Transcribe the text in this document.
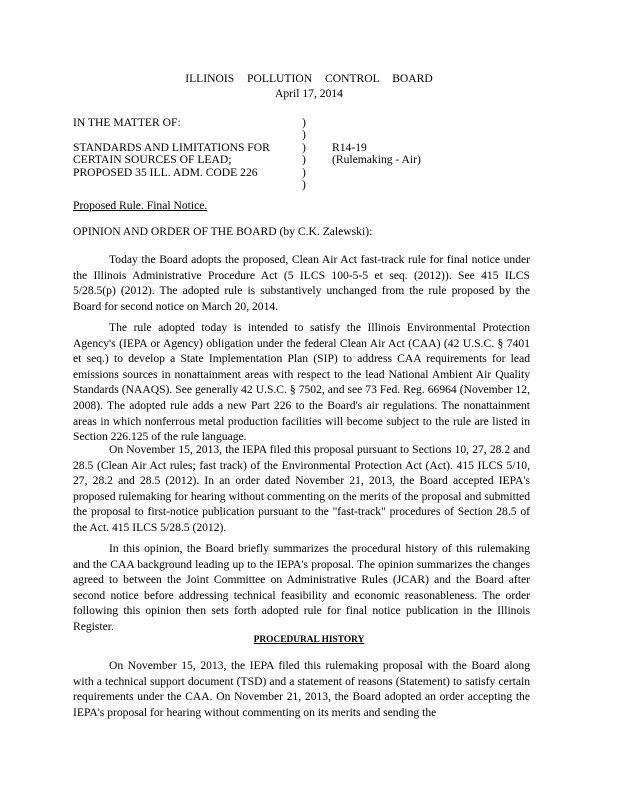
ILLINOIS POLLUTION CONTROL BOARD
April 17, 2014
IN THE MATTER OF:	)
)
STANDARDS AND LIMITATIONS FOR	) R14-19
CERTAIN SOURCES OF LEAD;	) (Rulemaking - Air)
PROPOSED 35 ILL. ADM. CODE 226	)
)
Proposed Rule. Final Notice.
OPINION AND ORDER OF THE BOARD (by C.K. Zalewski):
Today the Board adopts the proposed, Clean Air Act fast-track rule for final notice under the Illinois Administrative Procedure Act (5 ILCS 100-5-5 et seq. (2012)). See 415 ILCS 5/28.5(p) (2012). The adopted rule is substantively unchanged from the rule proposed by the Board for second notice on March 20, 2014.
The rule adopted today is intended to satisfy the Illinois Environmental Protection Agency's (IEPA or Agency) obligation under the federal Clean Air Act (CAA) (42 U.S.C. § 7401 et seq.) to develop a State Implementation Plan (SIP) to address CAA requirements for lead emissions sources in nonattainment areas with respect to the lead National Ambient Air Quality Standards (NAAQS). See generally 42 U.S.C. § 7502, and see 73 Fed. Reg. 66964 (November 12, 2008). The adopted rule adds a new Part 226 to the Board's air regulations. The nonattainment areas in which nonferrous metal production facilities will become subject to the rule are listed in Section 226.125 of the rule language.
On November 15, 2013, the IEPA filed this proposal pursuant to Sections 10, 27, 28.2 and 28.5 (Clean Air Act rules; fast track) of the Environmental Protection Act (Act). 415 ILCS 5/10, 27, 28.2 and 28.5 (2012). In an order dated November 21, 2013, the Board accepted IEPA's proposed rulemaking for hearing without commenting on the merits of the proposal and submitted the proposal to first-notice publication pursuant to the "fast-track" procedures of Section 28.5 of the Act. 415 ILCS 5/28.5 (2012).
In this opinion, the Board briefly summarizes the procedural history of this rulemaking and the CAA background leading up to the IEPA's proposal. The opinion summarizes the changes agreed to between the Joint Committee on Administrative Rules (JCAR) and the Board after second notice before addressing technical feasibility and economic reasonableness. The order following this opinion then sets forth adopted rule for final notice publication in the Illinois Register.
PROCEDURAL HISTORY
On November 15, 2013, the IEPA filed this rulemaking proposal with the Board along with a technical support document (TSD) and a statement of reasons (Statement) to satisfy certain requirements under the CAA. On November 21, 2013, the Board adopted an order accepting the IEPA's proposal for hearing without commenting on its merits and sending the
